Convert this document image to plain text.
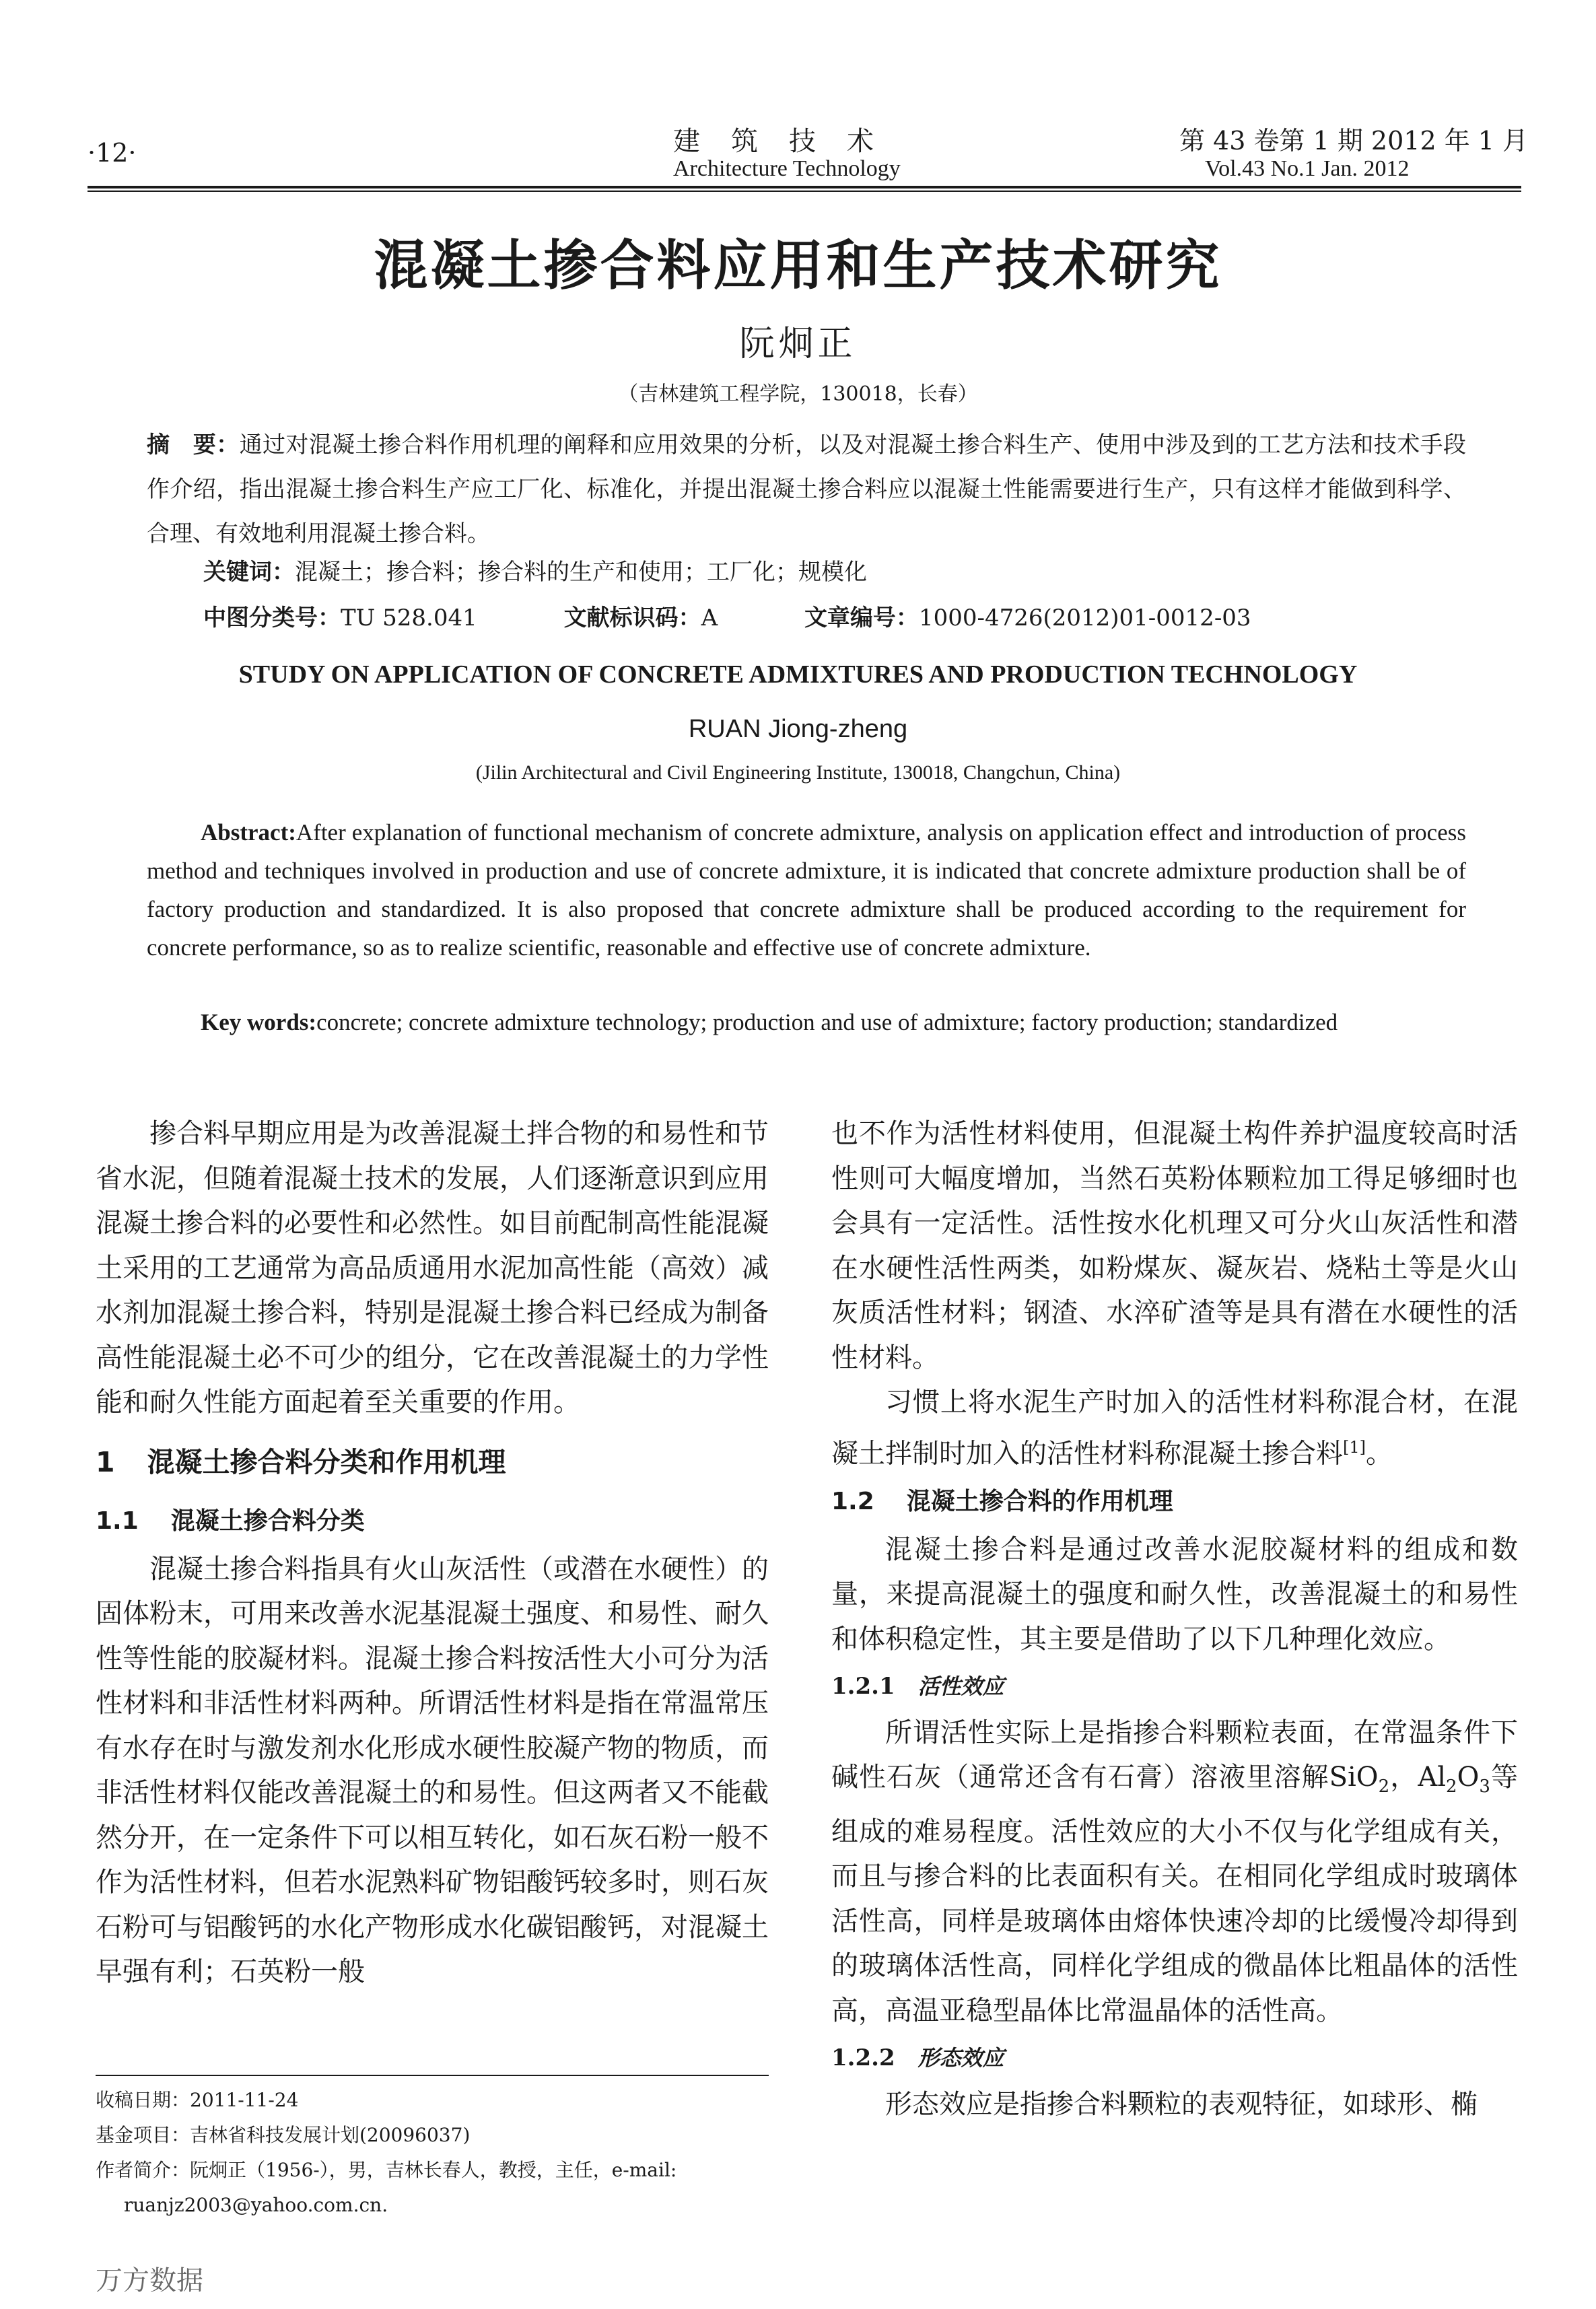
·12·	建筑技术
Architecture Technology
第 43 卷第 1 期 2012 年 1 月
Vol.43 No.1 Jan. 2012
混凝土掺合料应用和生产技术研究
阮炯正
（吉林建筑工程学院，130018，长春）
摘　要：通过对混凝土掺合料作用机理的阐释和应用效果的分析，以及对混凝土掺合料生产、使用中涉及到的工艺方法和技术手段作介绍，指出混凝土掺合料生产应工厂化、标准化，并提出混凝土掺合料应以混凝土性能需要进行生产，只有这样才能做到科学、合理、有效地利用混凝土掺合料。
关键词：混凝土；掺合料；掺合料的生产和使用；工厂化；规模化
中图分类号：TU 528.041	文献标识码：A	文章编号：1000-4726(2012)01-0012-03
STUDY ON APPLICATION OF CONCRETE ADMIXTURES AND PRODUCTION TECHNOLOGY
RUAN Jiong-zheng
(Jilin Architectural and Civil Engineering Institute, 130018, Changchun, China)
Abstract:After explanation of functional mechanism of concrete admixture, analysis on application effect and introduction of process method and techniques involved in production and use of concrete admixture, it is indicated that concrete admixture production shall be of factory production and standardized. It is also proposed that concrete admixture shall be produced according to the requirement for concrete performance, so as to realize scientific, reasonable and effective use of concrete admixture.
Key words:concrete; concrete admixture technology; production and use of admixture; factory production; standardized

掺合料早期应用是为改善混凝土拌合物的和易性和节省水泥，但随着混凝土技术的发展，人们逐渐意识到应用混凝土掺合料的必要性和必然性。如目前配制高性能混凝土采用的工艺通常为高品质通用水泥加高性能（高效）减水剂加混凝土掺合料，特别是混凝土掺合料已经成为制备高性能混凝土必不可少的组分，它在改善混凝土的力学性能和耐久性能方面起着至关重要的作用。

1 混凝土掺合料分类和作用机理
1.1 混凝土掺合料分类

混凝土掺合料指具有火山灰活性（或潜在水硬性）的固体粉末，可用来改善水泥基混凝土强度、和易性、耐久性等性能的胶凝材料。混凝土掺合料按活性大小可分为活性材料和非活性材料两种。所谓活性材料是指在常温常压有水存在时与激发剂水化形成水硬性胶凝产物的物质，而非活性材料仅能改善混凝土的和易性。但这两者又不能截然分开，在一定条件下可以相互转化，如石灰石粉一般不作为活性材料，但若水泥熟料矿物铝酸钙较多时，则石灰石粉可与铝酸钙的水化产物形成水化碳铝酸钙，对混凝土早强有利；石英粉一般

也不作为活性材料使用，但混凝土构件养护温度较高时活性则可大幅度增加，当然石英粉体颗粒加工得足够细时也会具有一定活性。活性按水化机理又可分火山灰活性和潜在水硬性活性两类，如粉煤灰、凝灰岩、烧粘土等是火山灰质活性材料；钢渣、水淬矿渣等是具有潜在水硬性的活性材料。

习惯上将水泥生产时加入的活性材料称混合材，在混凝土拌制时加入的活性材料称混凝土掺合料[1]。

1.2 混凝土掺合料的作用机理

混凝土掺合料是通过改善水泥胶凝材料的组成和数量，来提高混凝土的强度和耐久性，改善混凝土的和易性和体积稳定性，其主要是借助了以下几种理化效应。

1.2.1 活性效应

所谓活性实际上是指掺合料颗粒表面，在常温条件下碱性石灰（通常还含有石膏）溶液里溶解SiO$_2$，$Al_2O_3$等组成的难易程度。活性效应的大小不仅与化学组成有关，而且与掺合料的比表面积有关。在相同化学组成时玻璃体活性高，同样是玻璃体由熔体快速冷却的比缓慢冷却得到的玻璃体活性高，同样化学组成的微晶体比粗晶体的活性高，高温亚稳型晶体比常温晶体的活性高。

1.2.2 形态效应

形态效应是指掺合料颗粒的表观特征，如球形、椭

收稿日期：2011-11-24

基金项目：吉林省科技发展计划(20096037)

作者简介：阮炯正（1956-），男，吉林长春人，教授，主任，e-mail:

ruanjz2003@yahoo.com.cn.

万方数据
